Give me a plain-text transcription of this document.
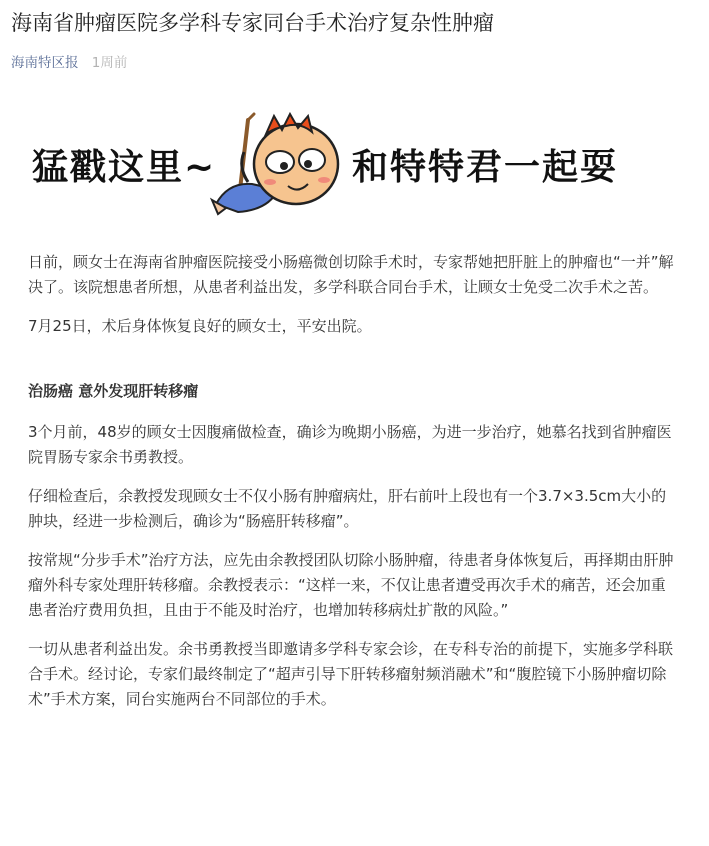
海南省肿瘤医院多学科专家同台手术治疗复杂性肿瘤
海南特区报 1周前
猛戳这里~	和特特君一起耍

日前，顾女士在海南省肿瘤医院接受小肠癌微创切除手术时，专家帮她把肝脏上的肿瘤也“一并”解决了。该院想患者所想，从患者利益出发，多学科联合同台手术，让顾女士免受二次手术之苦。

7月25日，术后身体恢复良好的顾女士，平安出院。

治肠癌 意外发现肝转移瘤

3个月前，48岁的顾女士因腹痛做检查，确诊为晚期小肠癌，为进一步治疗，她慕名找到省肿瘤医院胃肠专家余书勇教授。

仔细检查后，余教授发现顾女士不仅小肠有肿瘤病灶，肝右前叶上段也有一个3.7×3.5cm大小的肿块，经进一步检测后，确诊为“肠癌肝转移瘤”。

按常规“分步手术”治疗方法，应先由余教授团队切除小肠肿瘤，待患者身体恢复后，再择期由肝肿瘤外科专家处理肝转移瘤。余教授表示：“这样一来，不仅让患者遭受再次手术的痛苦，还会加重患者治疗费用负担，且由于不能及时治疗，也增加转移病灶扩散的风险。”

一切从患者利益出发。余书勇教授当即邀请多学科专家会诊，在专科专治的前提下，实施多学科联合手术。经讨论，专家们最终制定了“超声引导下肝转移瘤射频消融术”和“腹腔镜下小肠肿瘤切除术”手术方案，同台实施两台不同部位的手术。
